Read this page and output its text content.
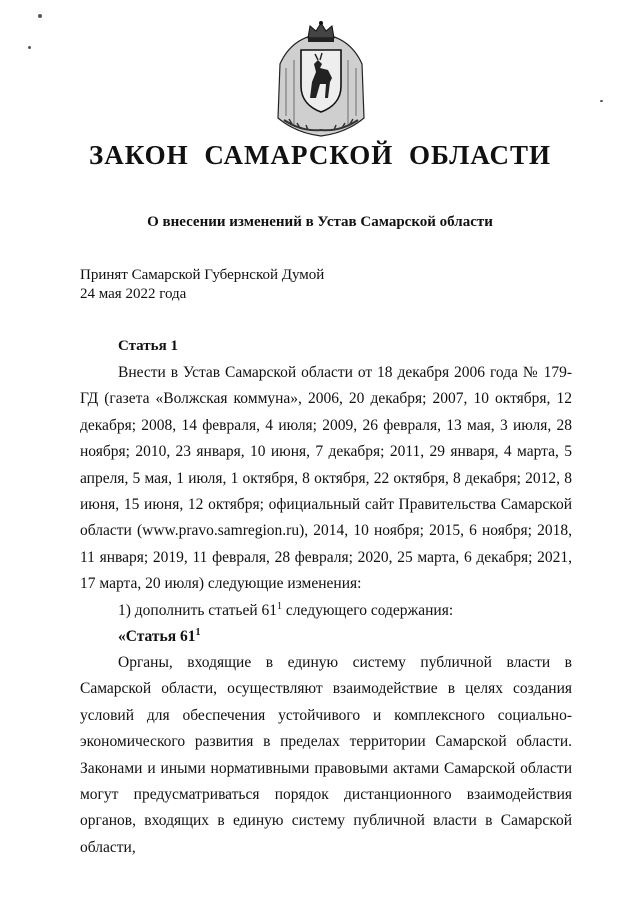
ЗАКОН САМАРСКОЙ ОБЛАСТИ
О внесении изменений в Устав Самарской области
Принят Самарской Губернской Думой
24 мая 2022 года
Статья 1

Внести в Устав Самарской области от 18 декабря 2006 года № 179-ГД (газета «Волжская коммуна», 2006, 20 декабря; 2007, 10 октября, 12 декабря; 2008, 14 февраля, 4 июля; 2009, 26 февраля, 13 мая, 3 июля, 28 ноября; 2010, 23 января, 10 июня, 7 декабря; 2011, 29 января, 4 марта, 5 апреля, 5 мая, 1 июля, 1 октября, 8 октября, 22 октября, 8 декабря; 2012, 8 июня, 15 июня, 12 октября; официальный сайт Правительства Самарской области (www.pravo.samregion.ru), 2014, 10 ноября; 2015, 6 ноября; 2018, 11 января; 2019, 11 февраля, 28 февраля; 2020, 25 марта, 6 декабря; 2021, 17 марта, 20 июля) следующие изменения:

1) дополнить статьей $61^1$ следующего содержания:
«Статья $61^1$

Органы, входящие в единую систему публичной власти в Самарской области, осуществляют взаимодействие в целях создания условий для обеспечения устойчивого и комплексного социально-экономического развития в пределах территории Самарской области. Законами и иными нормативными правовыми актами Самарской области могут предусматриваться порядок дистанционного взаимодействия органов, входящих в единую систему публичной власти в Самарской области,
